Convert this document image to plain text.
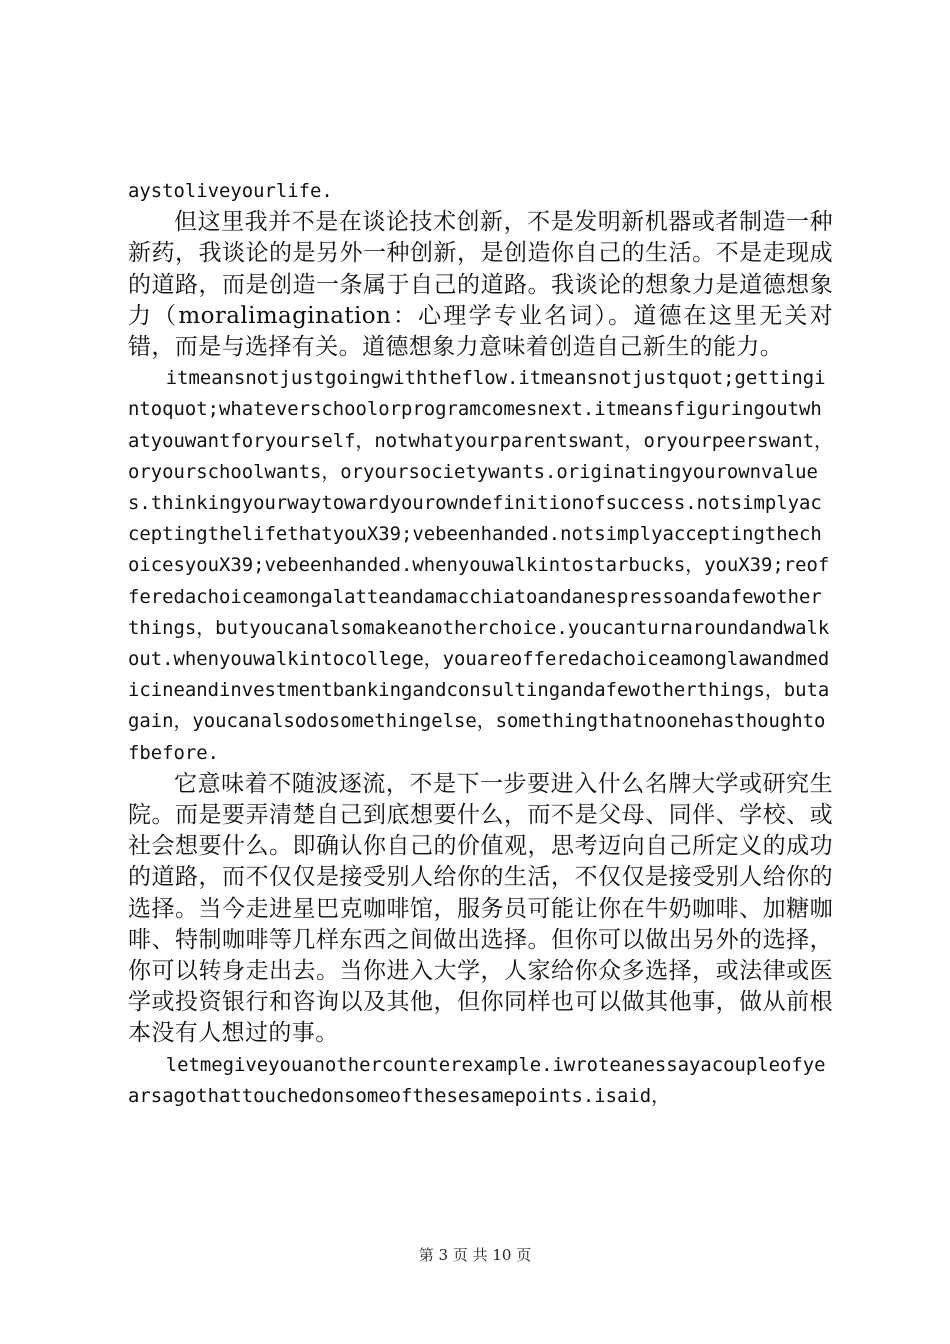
aystoliveyourlife.

但这里我并不是在谈论技术创新，不是发明新机器或者制造一种新药，我谈论的是另外一种创新，是创造你自己的生活。不是走现成的道路，而是创造一条属于自己的道路。我谈论的想象力是道德想象力（moralimagination：心理学专业名词）。道德在这里无关对错，而是与选择有关。道德想象力意味着创造自己新生的能力。

itmeansnotjustgoingwiththeflow.itmeansnotjustquot;gettingintoquot;whateverschoolorprogramcomesnext.itmeansfiguringoutwhatyouwantforyourself，notwhatyourparentswant，oryourpeerswant，oryourschoolwants，oryoursocietywants.originatingyourownvalues.thinkingyourwaytowardyourowndefinitionofsuccess.notsimplyacceptingthelifethatyouX39;vebeenhanded.notsimplyacceptingthechoicesyouX39;vebeenhanded.whenyouwalkintostarbucks，youX39;reofferedachoiceamongalatteandamacchiatoandanespressoandafewotherthings，butyoucanalsomakeanotherchoice.youcanturnaroundandwalkout.whenyouwalkintocollege，youareofferedachoiceamonglawandmedicineandinvestmentbankingandconsultingandafewotherthings，butagain，youcanalsodosomethingelse，somethingthatnoonehasthoughtofbefore.

它意味着不随波逐流，不是下一步要进入什么名牌大学或研究生院。而是要弄清楚自己到底想要什么，而不是父母、同伴、学校、或社会想要什么。即确认你自己的价值观，思考迈向自己所定义的成功的道路，而不仅仅是接受别人给你的生活，不仅仅是接受别人给你的选择。当今走进星巴克咖啡馆，服务员可能让你在牛奶咖啡、加糖咖啡、特制咖啡等几样东西之间做出选择。但你可以做出另外的选择，你可以转身走出去。当你进入大学，人家给你众多选择，或法律或医学或投资银行和咨询以及其他，但你同样也可以做其他事，做从前根本没有人想过的事。

letmegiveyouanothercounterexample.iwroteanessayacoupleofyearsagothattouchedonsomeofthesesamepoints.isaid，

第 3 页 共 10 页
